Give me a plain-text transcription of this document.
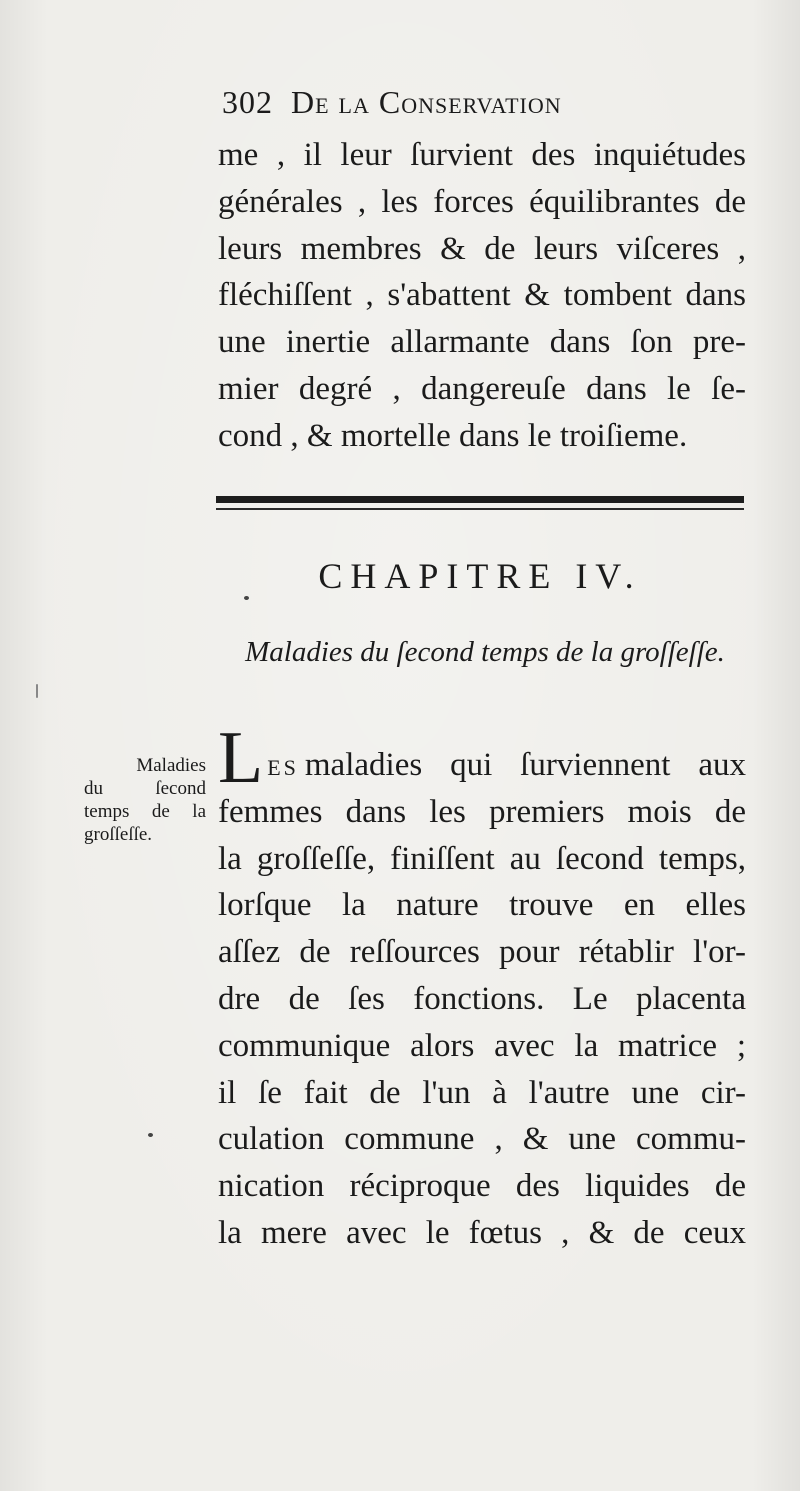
302 De la Conservation
me , il leur ſurvient des inquiétudes
générales , les forces équilibrantes de
leurs membres & de leurs viſceres ,
fléchiſſent , s'abattent & tombent dans
une inertie allarmante dans ſon pre-
mier degré , dangereuſe dans le ſe-
cond , & mortelle dans le troiſieme.
CHAPITRE IV.
Maladies du ſecond temps de la groſſeſſe.
Maladies
du ſecond
temps de la
groſſeſſe.
LES maladies qui ſurviennent aux
femmes dans les premiers mois de
la groſſeſſe, finiſſent au ſecond temps,
lorſque la nature trouve en elles
aſſez de reſſources pour rétablir l'or-
dre de ſes fonctions. Le placenta
communique alors avec la matrice ;
il ſe fait de l'un à l'autre une cir-
culation commune , & une commu-
nication réciproque des liquides de
la mere avec le fœtus , & de ceux
